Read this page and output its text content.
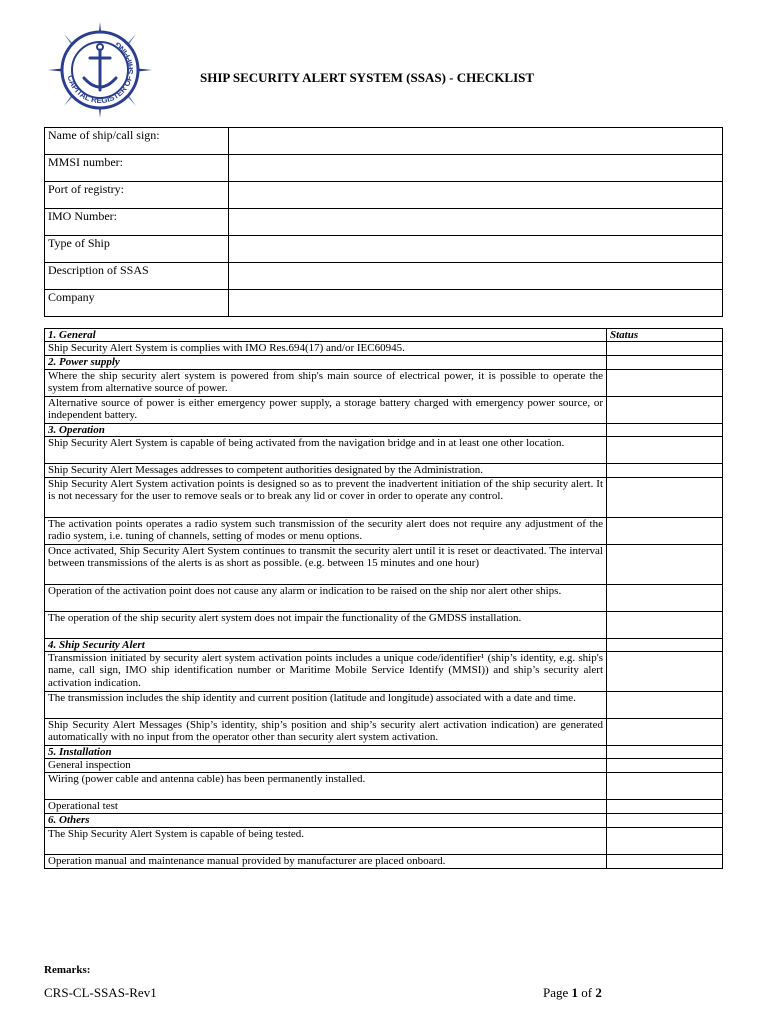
CAPITAL REGISTER OF SHIPPING
SHIP SECURITY ALERT SYSTEM (SSAS) - CHECKLIST
Name of ship/call sign:	
MMSI number:	
Port of registry:	
IMO Number:	
Type of Ship	
Description of SSAS	
Company	
1. General	Status
Ship Security Alert System is complies with IMO Res.694(17) and/or IEC60945.	
2. Power supply	
Where the ship security alert system is powered from ship's main source of electrical power, it is possible to operate the system from alternative source of power.	
Alternative source of power is either emergency power supply, a storage battery charged with emergency power source, or independent battery.	
3. Operation	
Ship Security Alert System is capable of being activated from the navigation bridge and in at least one other location.	
Ship Security Alert Messages addresses to competent authorities designated by the Administration.	
Ship Security Alert System activation points is designed so as to prevent the inadvertent initiation of the ship security alert. It is not necessary for the user to remove seals or to break any lid or cover in order to operate any control.	
The activation points operates a radio system such transmission of the security alert does not require any adjustment of the radio system, i.e. tuning of channels, setting of modes or menu options.	
Once activated, Ship Security Alert System continues to transmit the security alert until it is reset or deactivated. The interval between transmissions of the alerts is as short as possible. (e.g. between 15 minutes and one hour)	
Operation of the activation point does not cause any alarm or indication to be raised on the ship nor alert other ships.	
The operation of the ship security alert system does not impair the functionality of the GMDSS installation.	
4. Ship Security Alert	
Transmission initiated by security alert system activation points includes a unique code/identifier¹ (ship’s identity, e.g. ship's name, call sign, IMO ship identification number or Maritime Mobile Service Identify (MMSI)) and ship’s security alert activation indication.	
The transmission includes the ship identity and current position (latitude and longitude) associated with a date and time.	
Ship Security Alert Messages (Ship’s identity, ship’s position and ship’s security alert activation indication) are generated automatically with no input from the operator other than security alert system activation.	
5. Installation	
General inspection	
Wiring (power cable and antenna cable) has been permanently installed.	
Operational test	
6. Others	
The Ship Security Alert System is capable of being tested.	
Operation manual and maintenance manual provided by manufacturer are placed onboard.	
Remarks:
CRS-CL-SSAS-Rev1	Page 1 of 2
